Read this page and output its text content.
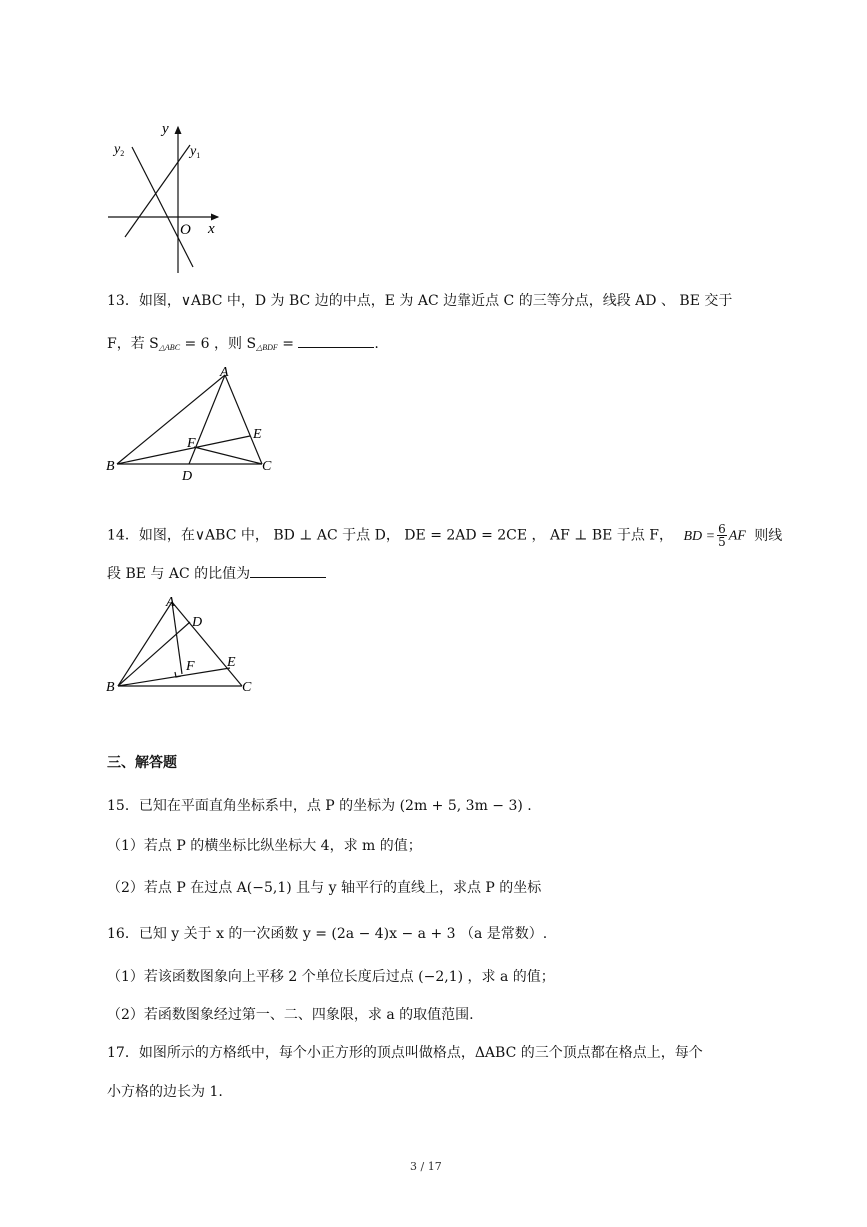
y
$y_1$
$y_2$
O x
13．如图，∨ABC 中，D 为 BC 边的中点，E 为 AC 边靠近点 C 的三等分点，线段 AD 、 BE 交于
F，若 $S_{\triangle ABC} = 6$ ，则 $S_{\triangle BDF}$ =	.
A
B	C
D
E
F
14．如图，在∨ABC 中， BD ⊥ AC 于点 D， DE = 2AD = 2CE ， AF ⊥ BE 于点 F， BD = $\frac{6}{5}$ AF 则线
段 BE 与 AC 的比值为
A
B	C
D
E
F
三、解答题
15．已知在平面直角坐标系中，点 P 的坐标为 (2m + 5, 3m − 3) .
（1）若点 P 的横坐标比纵坐标大 4，求 m 的值；
（2）若点 P 在过点 A(−5,1) 且与 y 轴平行的直线上，求点 P 的坐标
16．已知 y 关于 x 的一次函数 y = (2a − 4)x − a + 3 （a 是常数）.
（1）若该函数图象向上平移 2 个单位长度后过点 (−2,1) ，求 a 的值；
（2）若函数图象经过第一、二、四象限，求 a 的取值范围.
17．如图所示的方格纸中，每个小正方形的顶点叫做格点，ΔABC 的三个顶点都在格点上，每个
小方格的边长为 1.
3 / 17
